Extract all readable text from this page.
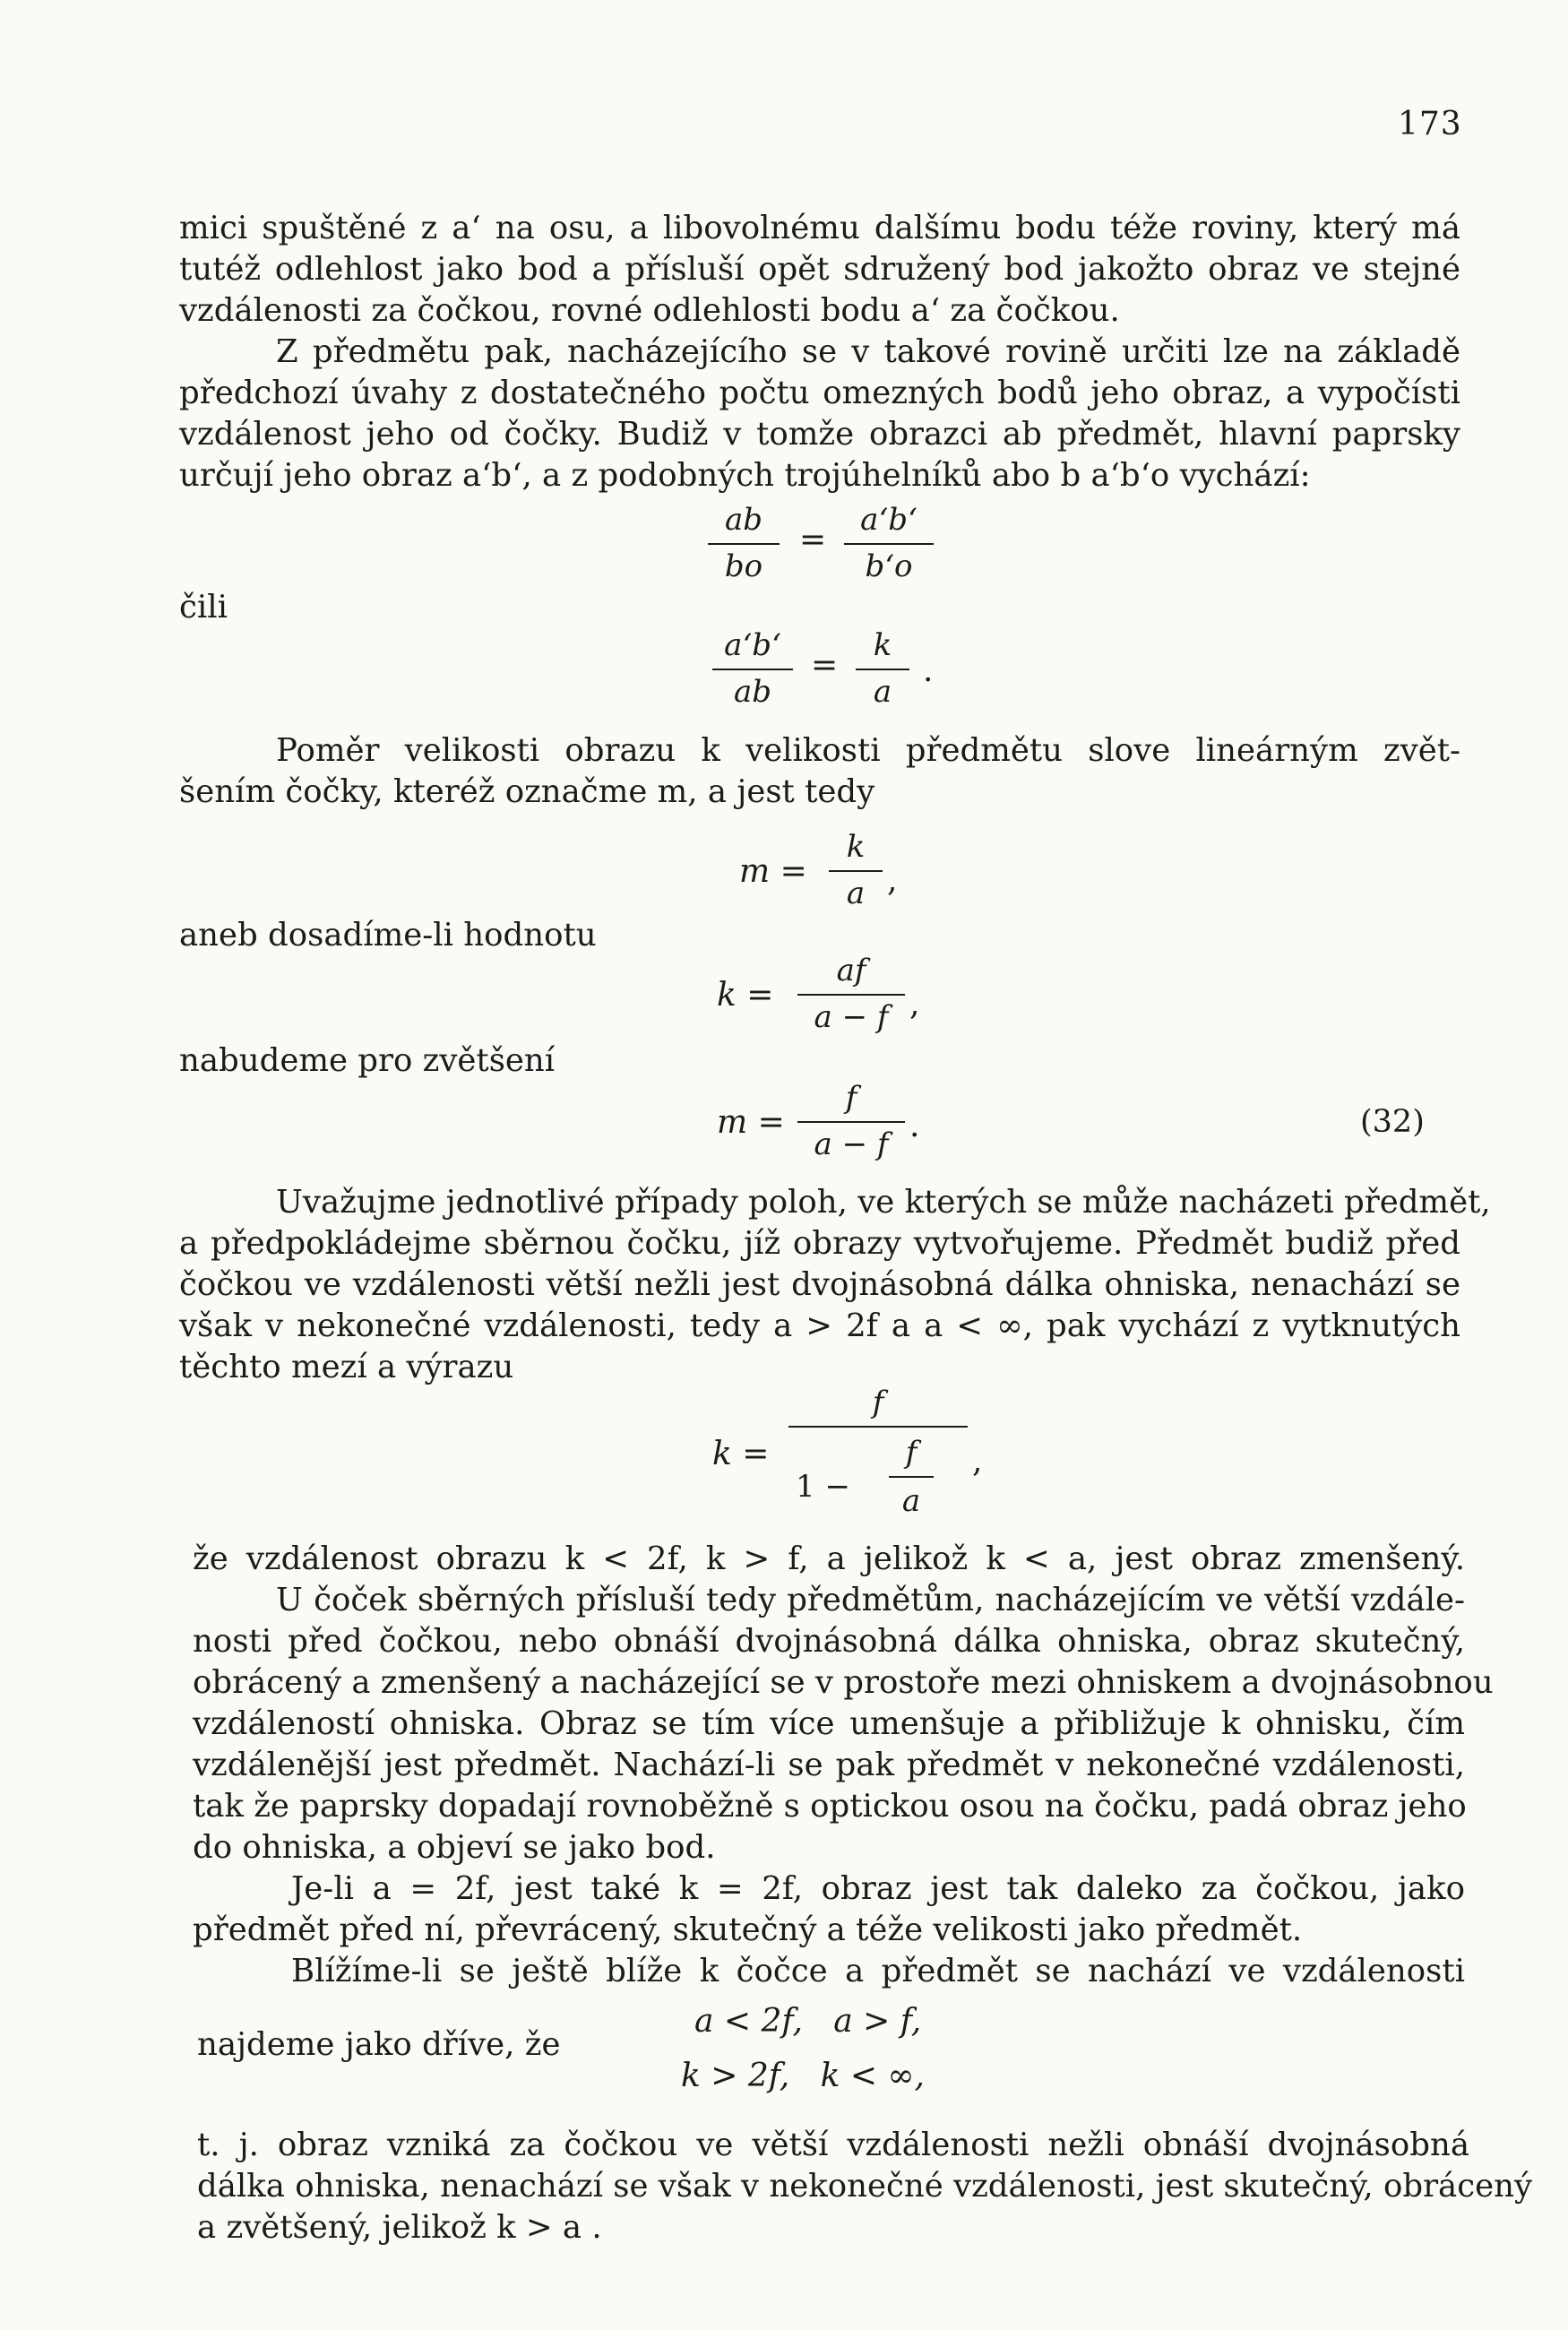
173
mici spuštěné z a‘ na osu, a libovolnému dalšímu bodu téže roviny, který má
tutéž odlehlost jako bod a přísluší opět sdružený bod jakožto obraz ve stejné
vzdálenosti za čočkou, rovné odlehlosti bodu a‘ za čočkou.
Z předmětu pak, nacházejícího se v takové rovině určiti lze na základě
předchozí úvahy z dostatečného počtu omezných bodů jeho obraz, a vypočísti
vzdálenost jeho od čočky. Budiž v tomže obrazci ab předmět, hlavní paprsky
určují jeho obraz a‘b‘, a z podobných trojúhelníků abo b a‘b‘o vychází:
ab
bo
=
a‘b‘
b‘o
čili
a‘b‘
ab
=
k
a
.
Poměr velikosti obrazu k velikosti předmětu slove lineárným zvět-
šením čočky, kteréž označme m, a jest tedy
m =
k
a ,
aneb dosadíme-li hodnotu
k =
af
a − f ,
nabudeme pro zvětšení
m =
f
a − f .	(32)
Uvažujme jednotlivé případy poloh, ve kterých se může nacházeti předmět,
a předpokládejme sběrnou čočku, jíž obrazy vytvořujeme. Předmět budiž před
čočkou ve vzdálenosti větší nežli jest dvojnásobná dálka ohniska, nenachází se
však v nekonečné vzdálenosti, tedy a > 2f a a < ∞, pak vychází z vytknutých
těchto mezí a výrazu
k =
f
1 −
f
a
,
že vzdálenost obrazu k < 2f, k > f, a jelikož k < a, jest obraz zmenšený.
U čoček sběrných přísluší tedy předmětům, nacházejícím ve větší vzdále-
nosti před čočkou, nebo obnáší dvojnásobná dálka ohniska, obraz skutečný,
obrácený a zmenšený a nacházející se v prostoře mezi ohniskem a dvojnásobnou
vzdáleností ohniska. Obraz se tím více umenšuje a přibližuje k ohnisku, čím
vzdálenější jest předmět. Nachází-li se pak předmět v nekonečné vzdálenosti,
tak že paprsky dopadají rovnoběžně s optickou osou na čočku, padá obraz jeho
do ohniska, a objeví se jako bod.
Je-li a = 2f, jest také k = 2f, obraz jest tak daleko za čočkou, jako
předmět před ní, převrácený, skutečný a téže velikosti jako předmět.
Blížíme-li se ještě blíže k čočce a předmět se nachází ve vzdálenosti
a < 2f,   a > f,
najdeme jako dříve, že
k > 2f,   k < ∞,
t. j. obraz vzniká za čočkou ve větší vzdálenosti nežli obnáší dvojnásobná
dálka ohniska, nenachází se však v nekonečné vzdálenosti, jest skutečný, obrácený
a zvětšený, jelikož k > a .
